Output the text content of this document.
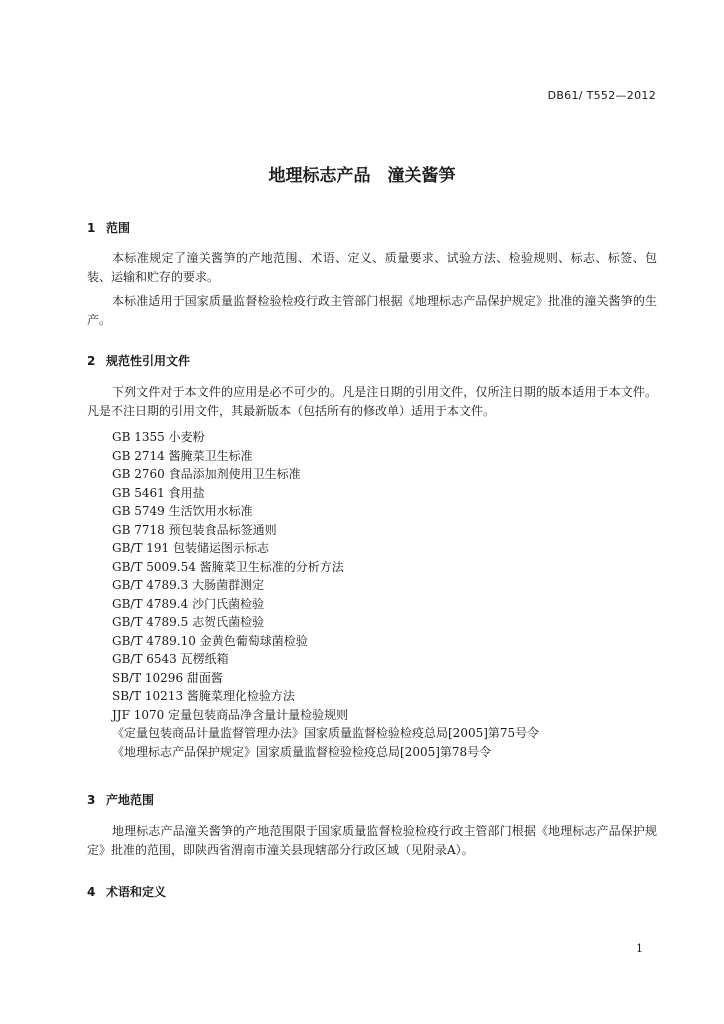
DB61/ T552—2012
地理标志产品　潼关酱笋
1 范围

本标准规定了潼关酱笋的产地范围、术语、定义、质量要求、试验方法、检验规则、标志、标签、包装、运输和贮存的要求。

本标准适用于国家质量监督检验检疫行政主管部门根据《地理标志产品保护规定》批准的潼关酱笋的生产。

2 规范性引用文件

下列文件对于本文件的应用是必不可少的。凡是注日期的引用文件，仅所注日期的版本适用于本文件。凡是不注日期的引用文件，其最新版本（包括所有的修改单）适用于本文件。

GB 1355 小麦粉
GB 2714 酱腌菜卫生标准
GB 2760 食品添加剂使用卫生标准
GB 5461 食用盐
GB 5749 生活饮用水标准
GB 7718 预包装食品标签通则
GB/T 191 包装储运图示标志
GB/T 5009.54 酱腌菜卫生标准的分析方法
GB/T 4789.3 大肠菌群测定
GB/T 4789.4 沙门氏菌检验
GB/T 4789.5 志贺氏菌检验
GB/T 4789.10 金黄色葡萄球菌检验
GB/T 6543 瓦楞纸箱
SB/T 10296 甜面酱
SB/T 10213 酱腌菜理化检验方法
JJF 1070 定量包装商品净含量计量检验规则
《定量包装商品计量监督管理办法》国家质量监督检验检疫总局[2005]第75号令
《地理标志产品保护规定》国家质量监督检验检疫总局[2005]第78号令
3 产地范围

地理标志产品潼关酱笋的产地范围限于国家质量监督检验检疫行政主管部门根据《地理标志产品保护规定》批准的范围，即陕西省渭南市潼关县现辖部分行政区域（见附录A）。

4 术语和定义
1
